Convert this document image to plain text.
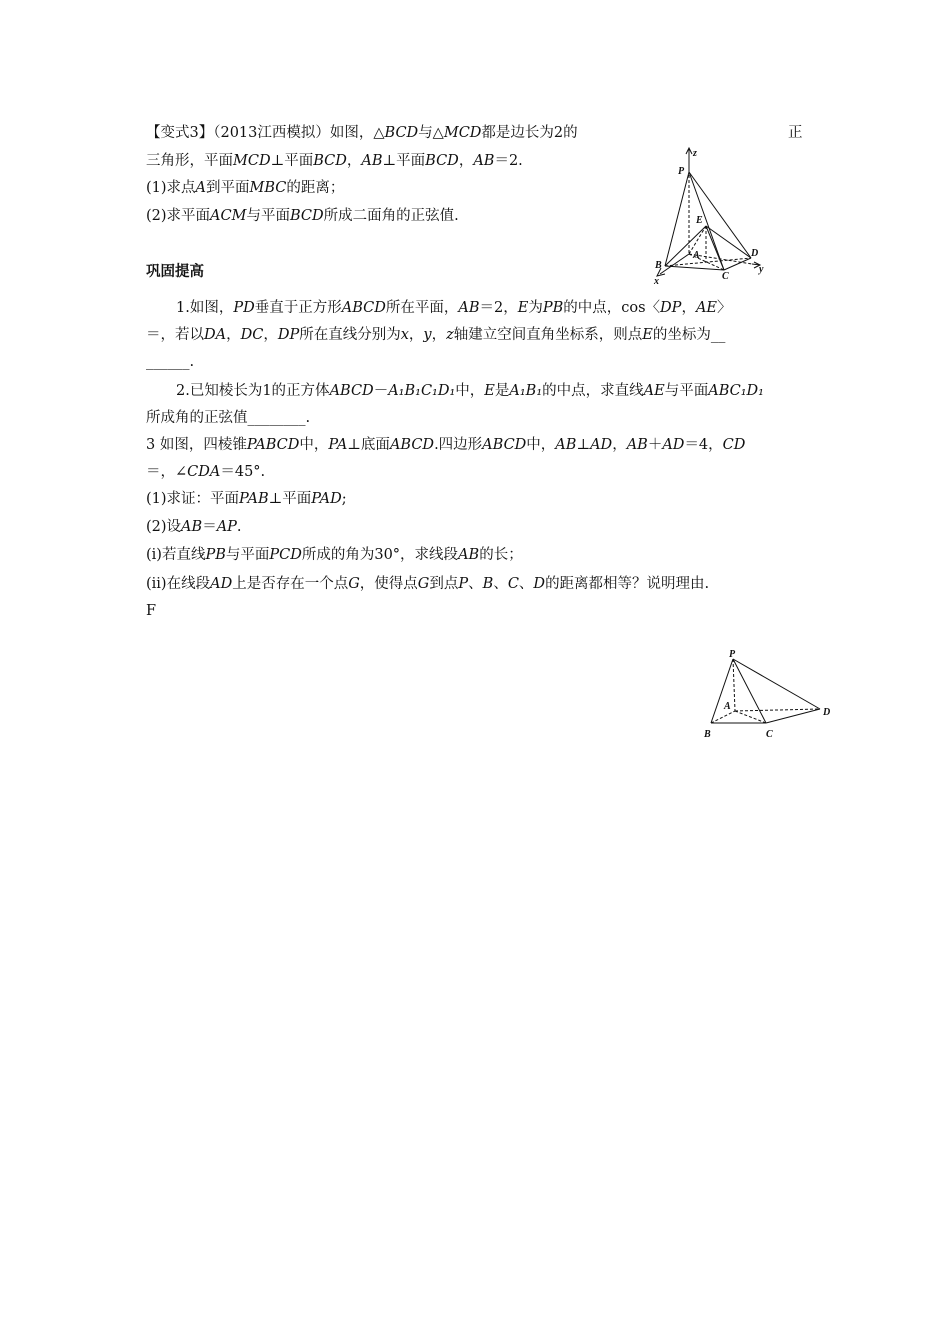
【变式3】（2013江西模拟）如图，△BCD与△MCD都是边长为2的	正
三角形，平面MCD⊥平面BCD，AB⊥平面BCD，AB＝2.
(1)求点A到平面MBC的距离；
(2)求平面ACM与平面BCD所成二面角的正弦值.
P
z
E
A
B
C
D
x
y
巩固提高
1.如图，PD垂直于正方形ABCD所在平面，AB＝2，E为PB的中点，cos〈DP，AE〉
＝，若以DA，DC，DP所在直线分别为x，y，z轴建立空间直角坐标系，则点E的坐标为__
______.
2.已知棱长为1的正方体ABCD－A₁B₁C₁D₁中，E是A₁B₁的中点，求直线AE与平面ABC₁D₁
所成角的正弦值________.
3 如图，四棱锥PABCD中，PA⊥底面ABCD.四边形ABCD中，AB⊥AD，AB＋AD＝4，CD
＝，∠CDA＝45°.
(1)求证：平面PAB⊥平面PAD;
(2)设AB＝AP.
(ⅰ)若直线PB与平面PCD所成的角为30°，求线段AB的长；
(ⅱ)在线段AD上是否存在一个点G，使得点G到点P、B、C、D的距离都相等？说明理由.
F
P
A
B	C
D
